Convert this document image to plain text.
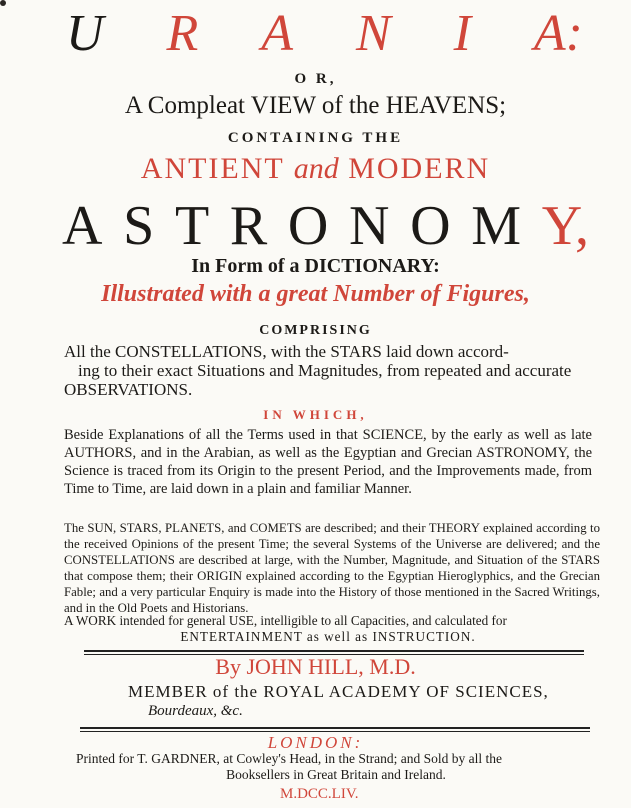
U R A N I A:
O R,
A Compleat VIEW of the HEAVENS;
CONTAINING THE
ANTIENT and MODERN
A S T R O N O M Y,
In Form of a DICTIONARY:
Illustrated with a great Number of Figures,
COMPRISING
All the CONSTELLATIONS, with the STARS laid down accord-
ing to their exact Situations and Magnitudes, from repeated and accurate
OBSERVATIONS.
IN WHICH,
Beside Explanations of all the Terms used in that SCIENCE, by the early as well as late AUTHORS, and in the Arabian, as well as the Egyptian and Grecian ASTRONOMY, the Science is traced from its Origin to the present Period, and the Improvements made, from Time to Time, are laid down in a plain and familiar Manner.
The SUN, STARS, PLANETS, and COMETS are described; and their THEORY explained according to the received Opinions of the present Time; the several Systems of the Universe are delivered; and the CONSTELLATIONS are described at large, with the Number, Magnitude, and Situation of the STARS that compose them; their ORIGIN explained according to the Egyptian Hieroglyphics, and the Grecian Fable; and a very particular Enquiry is made into the History of those mentioned in the Sacred Writings, and in the Old Poets and Historians.
A WORK intended for general USE, intelligible to all Capacities, and calculated for

ENTERTAINMENT as well as INSTRUCTION.
By JOHN HILL, M.D.
MEMBER of the ROYAL ACADEMY OF SCIENCES,
Bourdeaux, &c.
LONDON:
Printed for T. GARDNER, at Cowley's Head, in the Strand; and Sold by all the
Booksellers in Great Britain and Ireland.
M.DCC.LIV.
